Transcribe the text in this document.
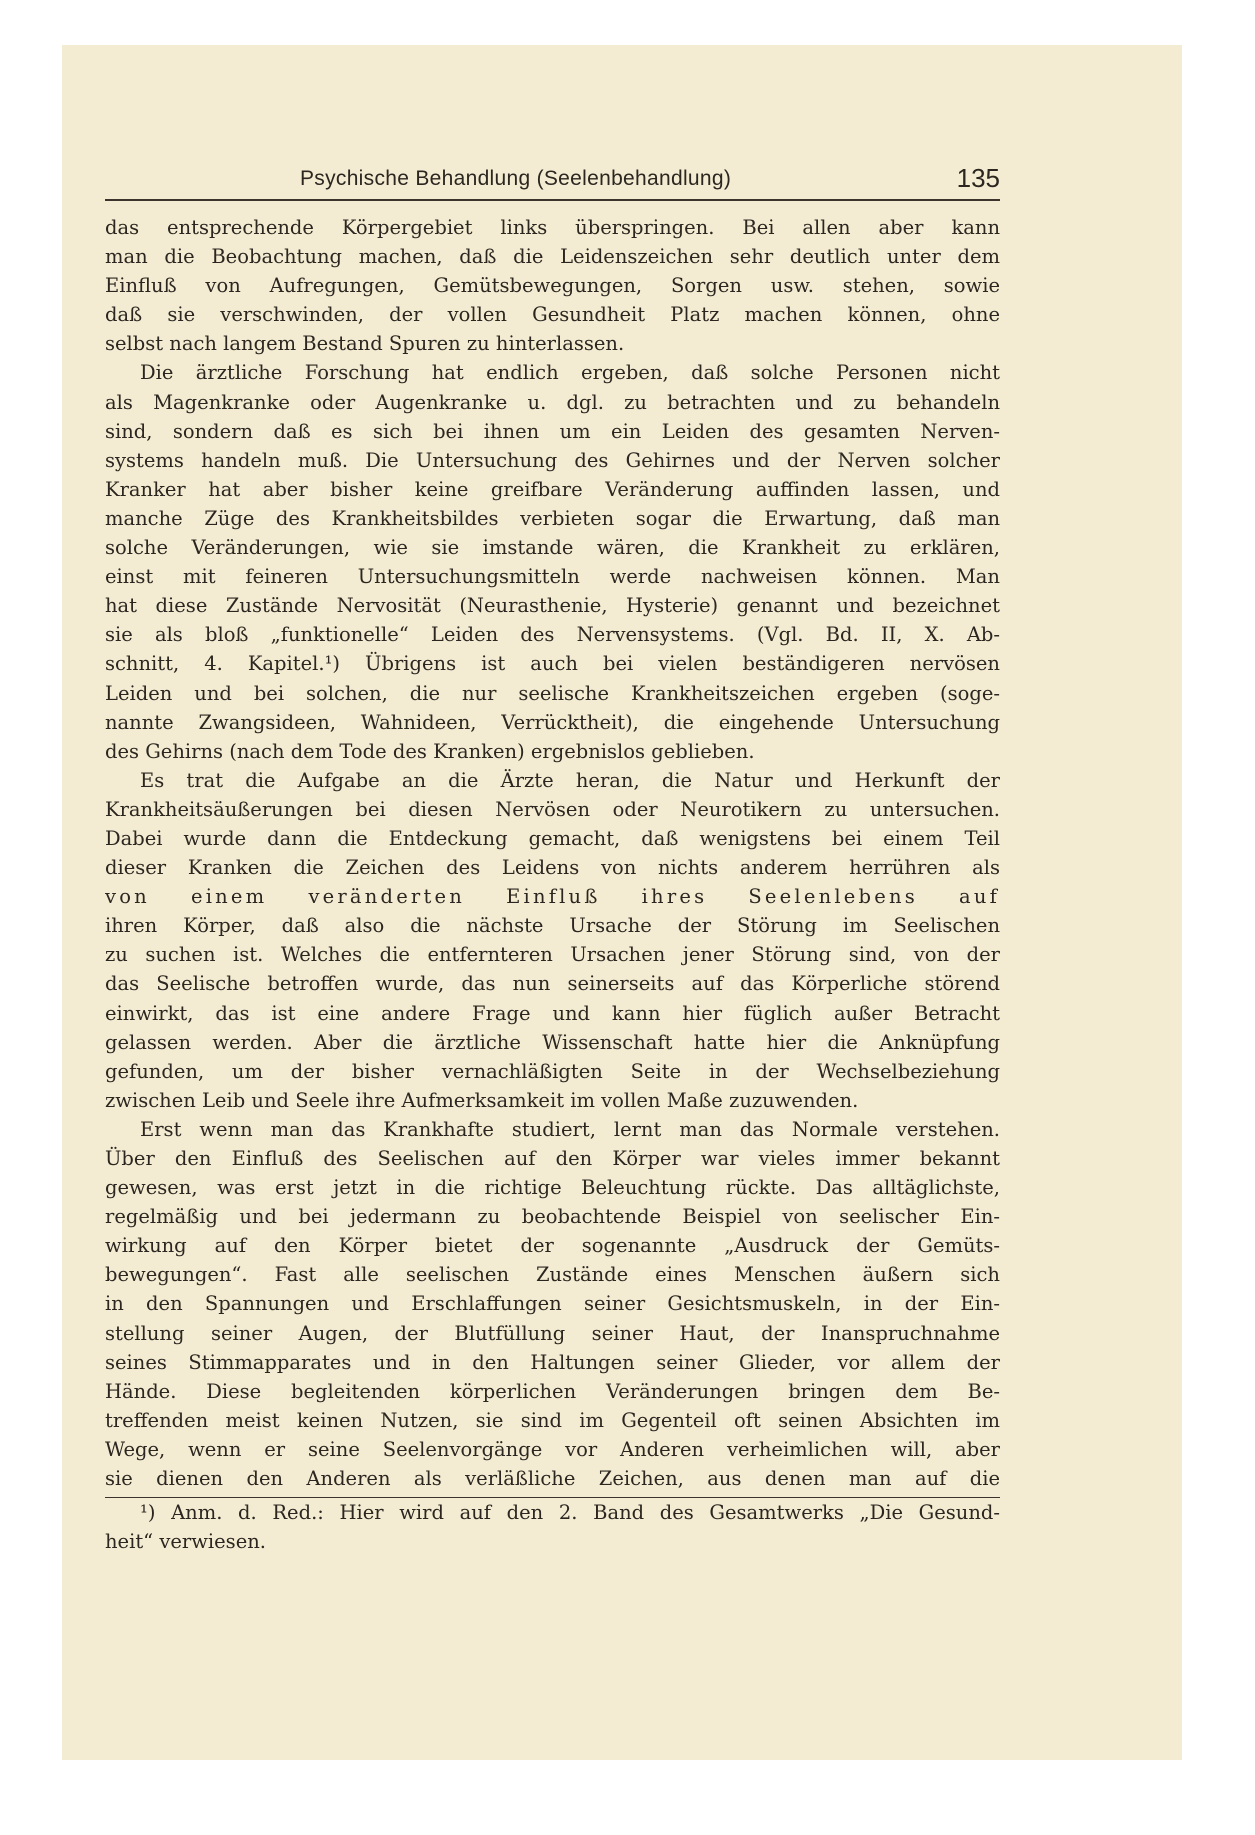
Psychische Behandlung (Seelenbehandlung)	135
das entsprechende Körpergebiet links überspringen. Bei allen aber kann
man die Beobachtung machen, daß die Leidenszeichen sehr deutlich unter dem
Einfluß von Aufregungen, Gemütsbewegungen, Sorgen usw. stehen, sowie
daß sie verschwinden, der vollen Gesundheit Platz machen können, ohne
selbst nach langem Bestand Spuren zu hinterlassen.
Die ärztliche Forschung hat endlich ergeben, daß solche Personen nicht
als Magenkranke oder Augenkranke u. dgl. zu betrachten und zu behandeln
sind, sondern daß es sich bei ihnen um ein Leiden des gesamten Nerven-
systems handeln muß. Die Untersuchung des Gehirnes und der Nerven solcher
Kranker hat aber bisher keine greifbare Veränderung auffinden lassen, und
manche Züge des Krankheitsbildes verbieten sogar die Erwartung, daß man
solche Veränderungen, wie sie imstande wären, die Krankheit zu erklären,
einst mit feineren Untersuchungsmitteln werde nachweisen können. Man
hat diese Zustände Nervosität (Neurasthenie, Hysterie) genannt und bezeichnet
sie als bloß „funktionelle“ Leiden des Nervensystems. (Vgl. Bd. II, X. Ab-
schnitt, 4. Kapitel.¹) Übrigens ist auch bei vielen beständigeren nervösen
Leiden und bei solchen, die nur seelische Krankheitszeichen ergeben (soge-
nannte Zwangsideen, Wahnideen, Verrücktheit), die eingehende Untersuchung
des Gehirns (nach dem Tode des Kranken) ergebnislos geblieben.
Es trat die Aufgabe an die Ärzte heran, die Natur und Herkunft der
Krankheitsäußerungen bei diesen Nervösen oder Neurotikern zu untersuchen.
Dabei wurde dann die Entdeckung gemacht, daß wenigstens bei einem Teil
dieser Kranken die Zeichen des Leidens von nichts anderem herrühren als
von einem veränderten Einfluß ihres Seelenlebens auf
ihren Körper, daß also die nächste Ursache der Störung im Seelischen
zu suchen ist. Welches die entfernteren Ursachen jener Störung sind, von der
das Seelische betroffen wurde, das nun seinerseits auf das Körperliche störend
einwirkt, das ist eine andere Frage und kann hier füglich außer Betracht
gelassen werden. Aber die ärztliche Wissenschaft hatte hier die Anknüpfung
gefunden, um der bisher vernachläßigten Seite in der Wechselbeziehung
zwischen Leib und Seele ihre Aufmerksamkeit im vollen Maße zuzuwenden.
Erst wenn man das Krankhafte studiert, lernt man das Normale verstehen.
Über den Einfluß des Seelischen auf den Körper war vieles immer bekannt
gewesen, was erst jetzt in die richtige Beleuchtung rückte. Das alltäglichste,
regelmäßig und bei jedermann zu beobachtende Beispiel von seelischer Ein-
wirkung auf den Körper bietet der sogenannte „Ausdruck der Gemüts-
bewegungen“. Fast alle seelischen Zustände eines Menschen äußern sich
in den Spannungen und Erschlaffungen seiner Gesichtsmuskeln, in der Ein-
stellung seiner Augen, der Blutfüllung seiner Haut, der Inanspruchnahme
seines Stimmapparates und in den Haltungen seiner Glieder, vor allem der
Hände. Diese begleitenden körperlichen Veränderungen bringen dem Be-
treffenden meist keinen Nutzen, sie sind im Gegenteil oft seinen Absichten im
Wege, wenn er seine Seelenvorgänge vor Anderen verheimlichen will, aber
sie dienen den Anderen als verläßliche Zeichen, aus denen man auf die
¹) Anm. d. Red.: Hier wird auf den 2. Band des Gesamtwerks „Die Gesund-
heit“ verwiesen.
